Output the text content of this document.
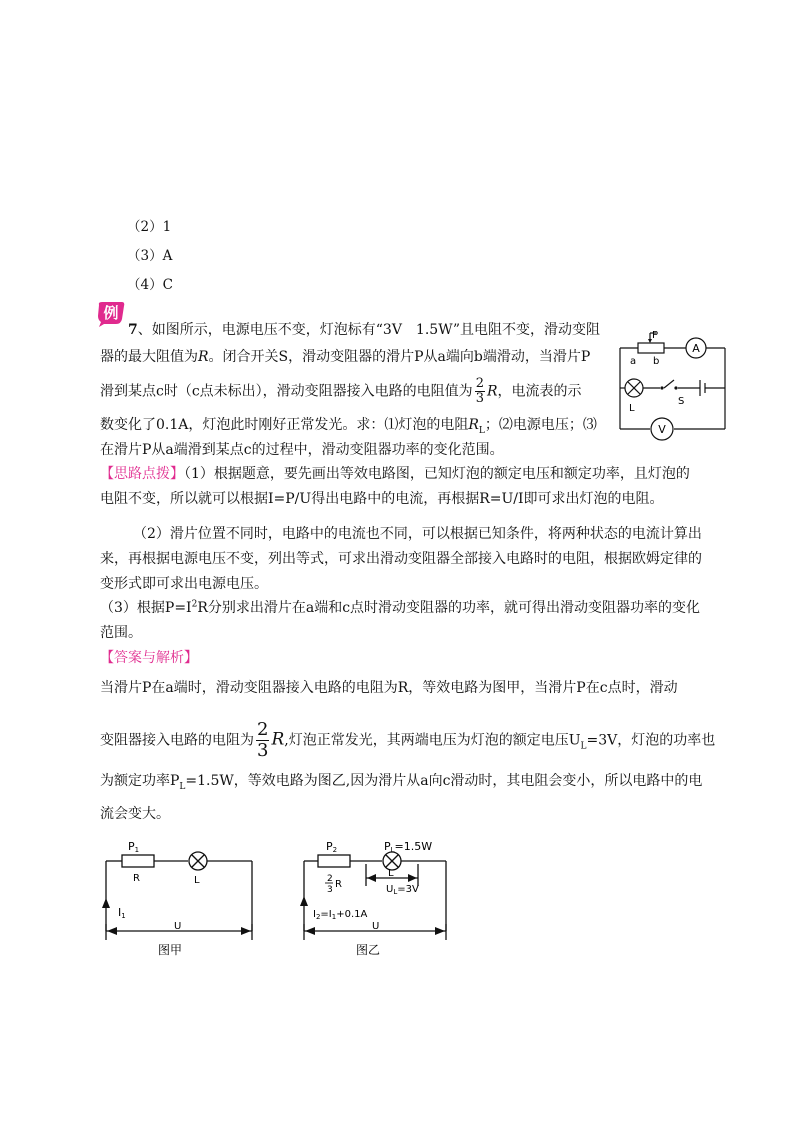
（2）1
（3）A
（4）C
例
7、如图所示，电源电压不变，灯泡标有“3V　1.5W”且电阻不变，滑动变阻
器的最大阻值为R。闭合开关S，滑动变阻器的滑片P从a端向b端滑动，当滑片P
滑到某点c时（c点未标出），滑动变阻器接入电路的电阻值为 $\frac{2}{3}$ R，电流表的示
数变化了0.1A，灯泡此时刚好正常发光。求：⑴灯泡的电阻$R_L$；⑵电源电压；⑶
在滑片P从a端滑到某点c的过程中，滑动变阻器功率的变化范围。
P
a b
A
L
S
V
【思路点拨】（1）根据题意，要先画出等效电路图，已知灯泡的额定电压和额定功率，且灯泡的
电阻不变，所以就可以根据I=P/U得出电路中的电流，再根据R=U/I即可求出灯泡的电阻。
（2）滑片位置不同时，电路中的电流也不同，可以根据已知条件，将两种状态的电流计算出
来，再根据电源电压不变，列出等式，可求出滑动变阻器全部接入电路时的电阻，根据欧姆定律的
变形式即可求出电源电压。
（3）根据$P=I^2R$分别求出滑片在a端和c点时滑动变阻器的功率，就可得出滑动变阻器功率的变化
范围。
【答案与解析】
当滑片P在a端时，滑动变阻器接入电路的电阻为R，等效电路为图甲，当滑片P在c点时，滑动
变阻器接入电路的电阻为 $\frac{2}{3} R$,灯泡正常发光，其两端电压为灯泡的额定电压$U_L=3V$，灯泡的功率也
为额定功率$P_L=1.5W$，等效电路为图乙,因为滑片从a向c滑动时，其电阻会变小，所以电路中的电
流会变大。
P1
R	L
I1
U
图甲
P2	PL=1.5W
2
3 R
L
$U_L=3V$
$I_2=I_1+0.1A$
U
图乙
